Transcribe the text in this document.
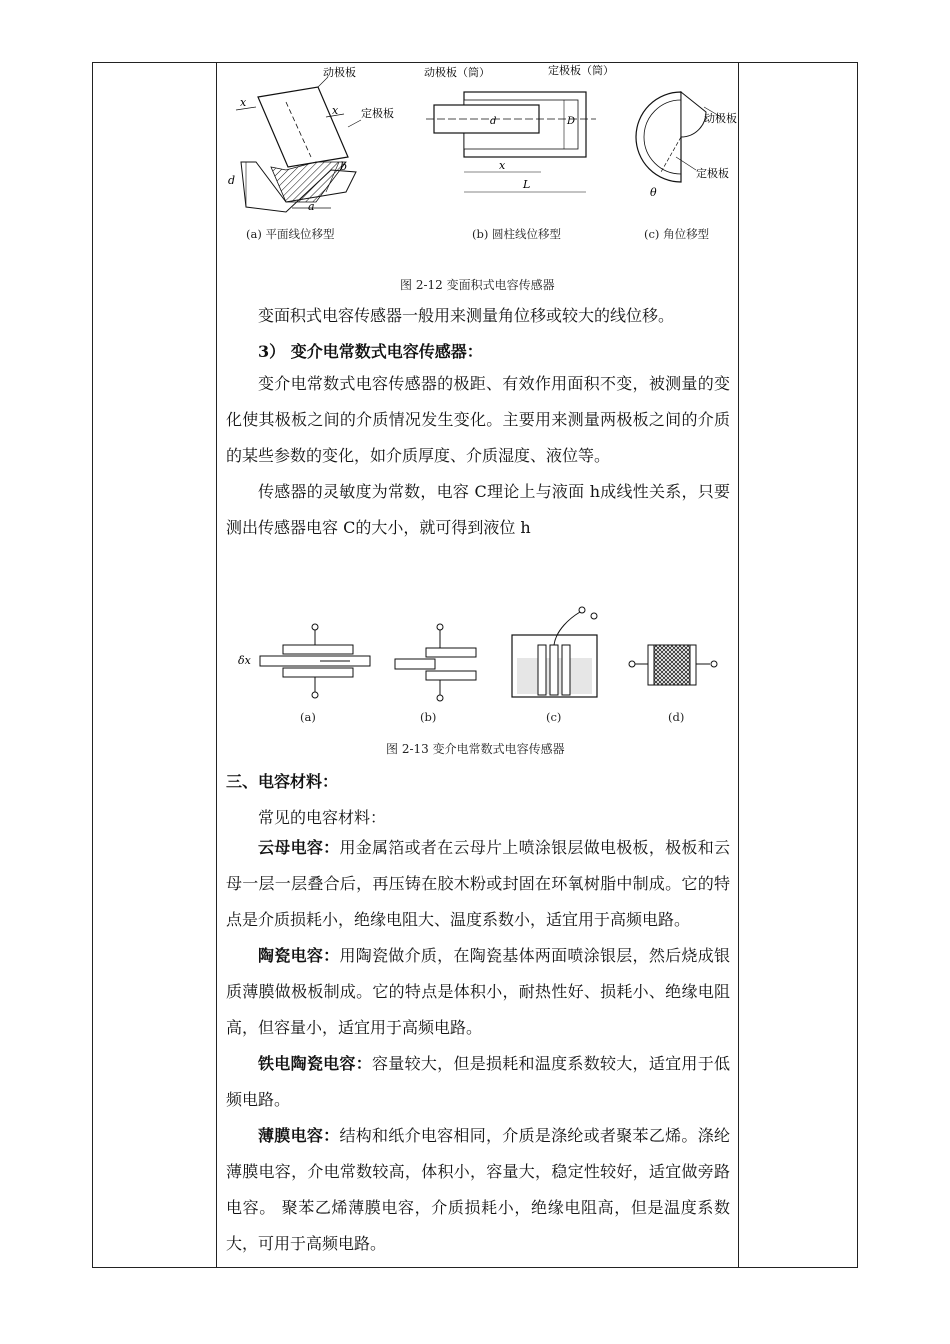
动极板
定极板
x
x
d
a
b
动极板（筒）	定极板（筒）
x
L
d	D	动极板
定极板
θ
(a) 平面线位移型	(b) 圆柱线位移型	(c) 角位移型
图 2-12 变面积式电容传感器
变面积式电容传感器一般用来测量角位移或较大的线位移。
3） 变介电常数式电容传感器：
变介电常数式电容传感器的极距、有效作用面积不变，被测量的变化使其极板之间的介质情况发生变化。主要用来测量两极板之间的介质的某些参数的变化，如介质厚度、介质湿度、液位等。
传感器的灵敏度为常数，电容 C理论上与液面 h成线性关系，只要测出传感器电容 C的大小，就可得到液位 h
δx
(a)	(b)	(c)	(d)
图 2-13 变介电常数式电容传感器
三、电容材料：
常见的电容材料：
云母电容：用金属箔或者在云母片上喷涂银层做电极板，极板和云母一层一层叠合后，再压铸在胶木粉或封固在环氧树脂中制成。它的特点是介质损耗小，绝缘电阻大、温度系数小，适宜用于高频电路。
陶瓷电容：用陶瓷做介质，在陶瓷基体两面喷涂银层，然后烧成银质薄膜做极板制成。它的特点是体积小，耐热性好、损耗小、绝缘电阻高，但容量小，适宜用于高频电路。
铁电陶瓷电容：容量较大，但是损耗和温度系数较大，适宜用于低频电路。
薄膜电容：结构和纸介电容相同，介质是涤纶或者聚苯乙烯。涤纶薄膜电容，介电常数较高，体积小，容量大，稳定性较好，适宜做旁路电容。 聚苯乙烯薄膜电容，介质损耗小，绝缘电阻高，但是温度系数大，可用于高频电路。
